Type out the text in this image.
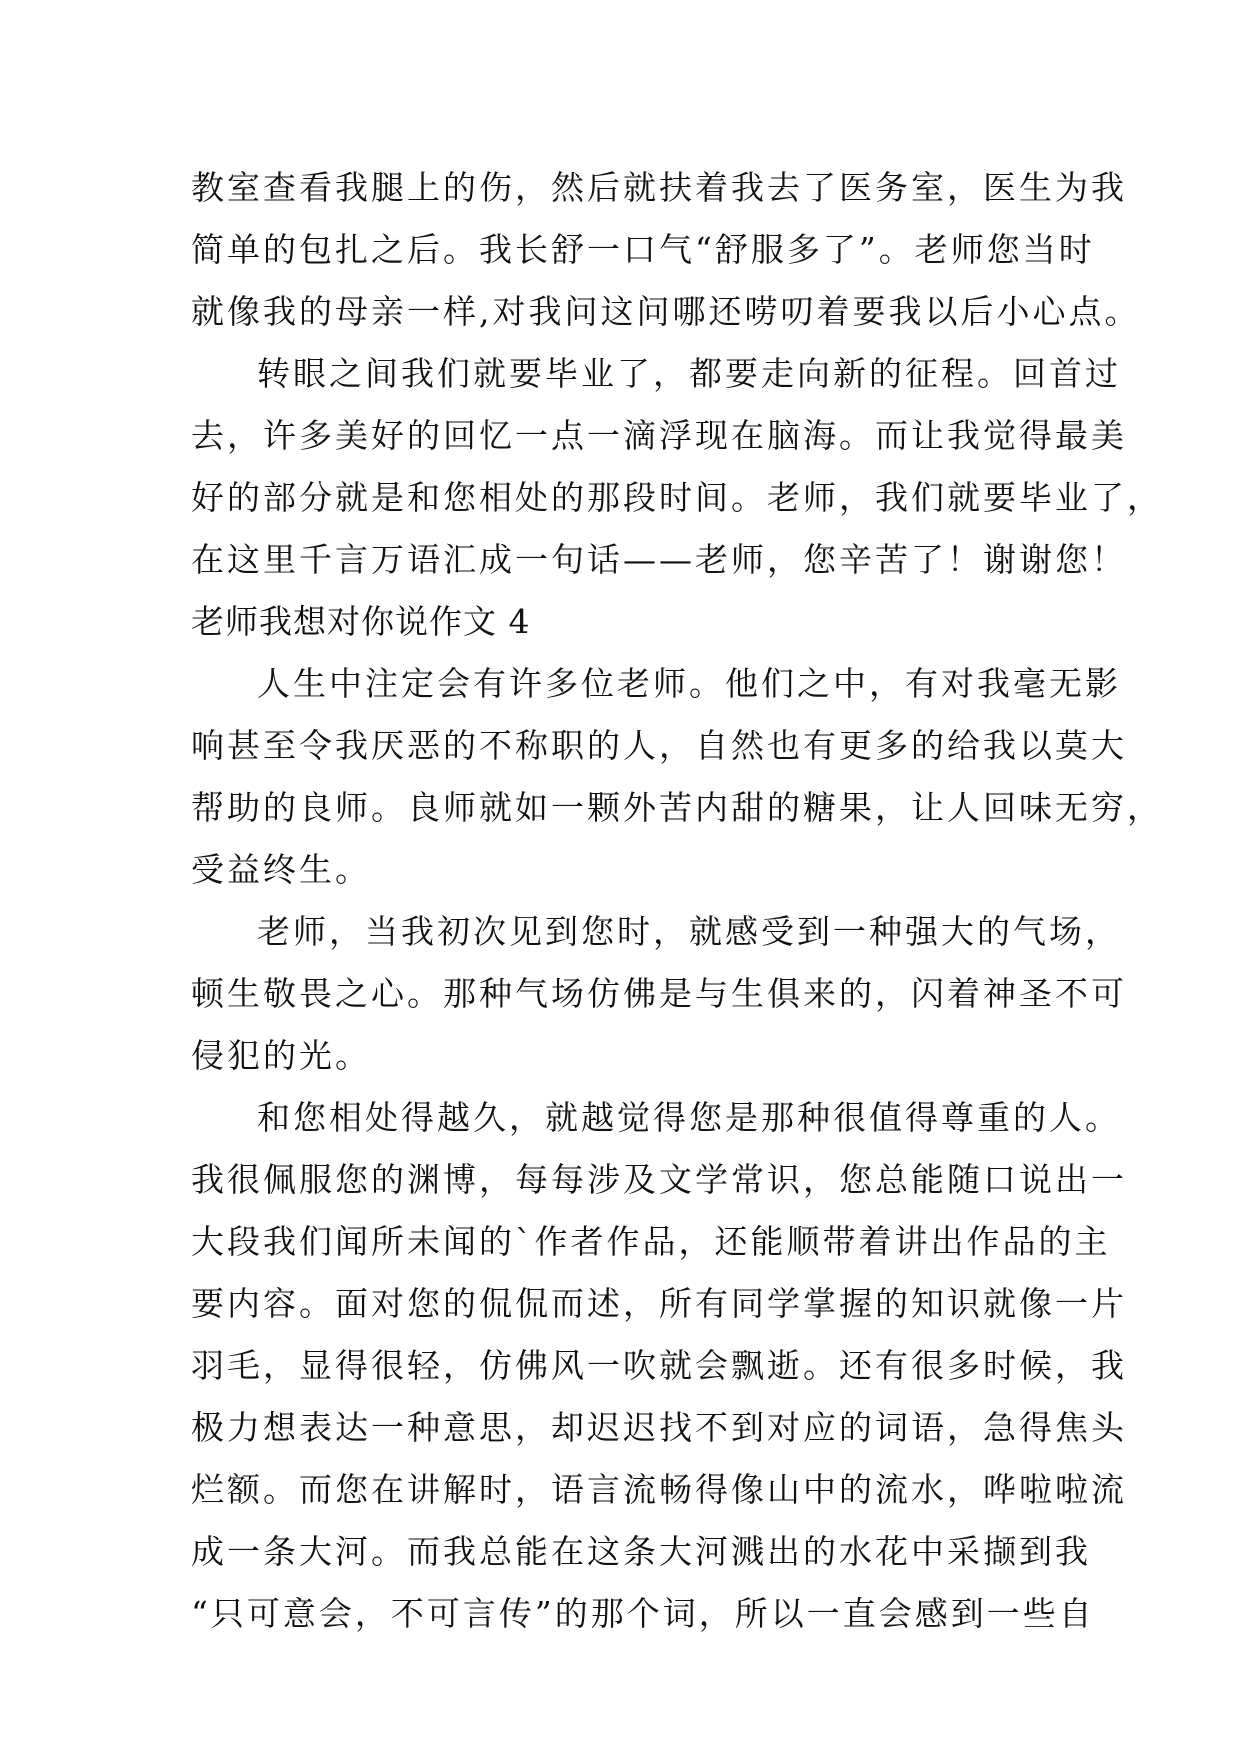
教室查看我腿上的伤，然后就扶着我去了医务室，医生为我
简单的包扎之后。我长舒一口气“舒服多了”。老师您当时
就像我的母亲一样,对我问这问哪还唠叨着要我以后小心点。
转眼之间我们就要毕业了，都要走向新的征程。回首过
去，许多美好的回忆一点一滴浮现在脑海。而让我觉得最美
好的部分就是和您相处的那段时间。老师，我们就要毕业了，
在这里千言万语汇成一句话——老师，您辛苦了！谢谢您！
老师我想对你说作文 4
人生中注定会有许多位老师。他们之中，有对我毫无影
响甚至令我厌恶的不称职的人，自然也有更多的给我以莫大
帮助的良师。良师就如一颗外苦内甜的糖果，让人回味无穷，
受益终生。
老师，当我初次见到您时，就感受到一种强大的气场，
顿生敬畏之心。那种气场仿佛是与生俱来的，闪着神圣不可
侵犯的光。
和您相处得越久，就越觉得您是那种很值得尊重的人。
我很佩服您的渊博，每每涉及文学常识，您总能随口说出一
大段我们闻所未闻的`作者作品，还能顺带着讲出作品的主
要内容。面对您的侃侃而述，所有同学掌握的知识就像一片
羽毛，显得很轻，仿佛风一吹就会飘逝。还有很多时候，我
极力想表达一种意思，却迟迟找不到对应的词语，急得焦头
烂额。而您在讲解时，语言流畅得像山中的流水，哗啦啦流
成一条大河。而我总能在这条大河溅出的水花中采撷到我
“只可意会，不可言传”的那个词，所以一直会感到一些自
